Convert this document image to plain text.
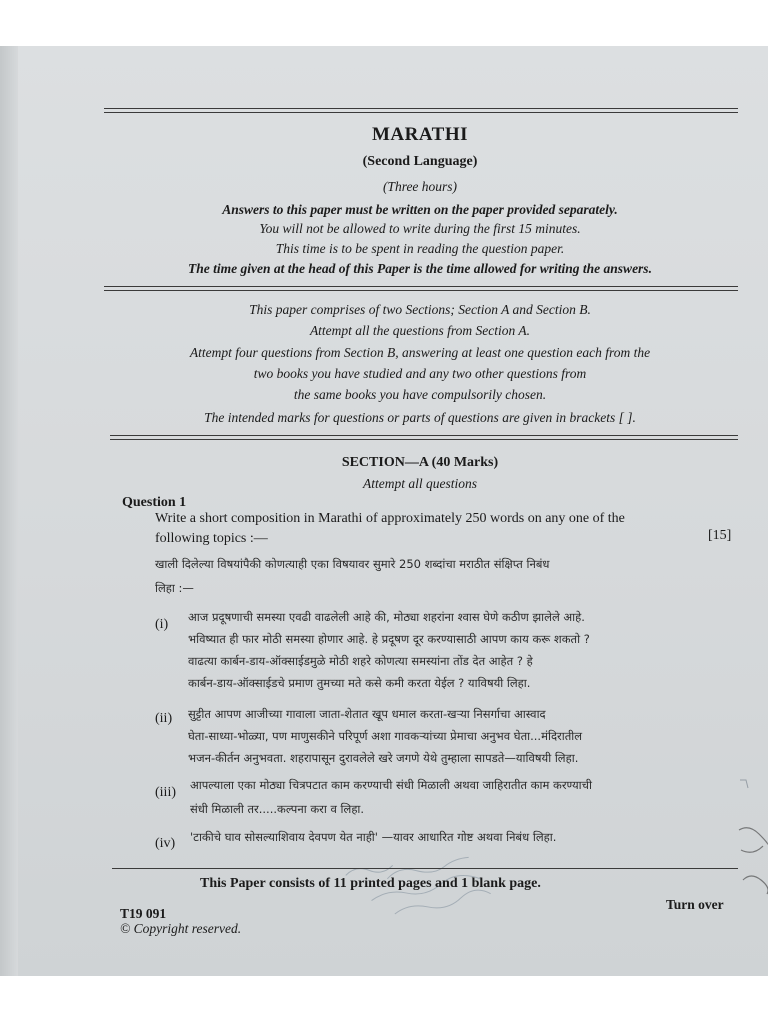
MARATHI
(Second Language)
(Three hours)
Answers to this paper must be written on the paper provided separately.
You will not be allowed to write during the first 15 minutes.
This time is to be spent in reading the question paper.
The time given at the head of this Paper is the time allowed for writing the answers.
This paper comprises of two Sections; Section A and Section B.
Attempt all the questions from Section A.
Attempt four questions from Section B, answering at least one question each from the
two books you have studied and any two other questions from
the same books you have compulsorily chosen.
The intended marks for questions or parts of questions are given in brackets [ ].
SECTION—A (40 Marks)
Attempt all questions
Question 1
Write a short composition in Marathi of approximately 250 words on any one of the
following topics :—	[15]
खाली दिलेल्या विषयांपैकी कोणत्याही एका विषयावर सुमारे 250 शब्दांचा मराठीत संक्षिप्त निबंध
लिहा :—
(i) आज प्रदूषणाची समस्या एवढी वाढलेली आहे की, मोठ्या शहरांना श्वास घेणे कठीण झालेले आहे.
भविष्यात ही फार मोठी समस्या होणार आहे. हे प्रदूषण दूर करण्यासाठी आपण काय करू शकतो ?
वाढत्या कार्बन-डाय-ऑक्साईडमुळे मोठी शहरे कोणत्या समस्यांना तोंड देत आहेत ? हे
कार्बन-डाय-ऑक्साईडचे प्रमाण तुमच्या मते कसे कमी करता येईल ? याविषयी लिहा.
(ii) सुट्टीत आपण आजीच्या गावाला जाता-शेतात खूप धमाल करता-खऱ्या निसर्गाचा आस्वाद
घेता-साध्या-भोळ्या, पण माणुसकीने परिपूर्ण अशा गावकऱ्यांच्या प्रेमाचा अनुभव घेता...मंदिरातील
भजन-कीर्तन अनुभवता. शहरापासून दुरावलेले खरे जगणे येथे तुम्हाला सापडते—याविषयी लिहा.
(iii) आपल्याला एका मोठ्या चित्रपटात काम करण्याची संधी मिळाली अथवा जाहिरातीत काम करण्याची
संधी मिळाली तर.....कल्पना करा व लिहा.
(iv) 'टाकीचे घाव सोसल्याशिवाय देवपण येत नाही' —यावर आधारित गोष्ट अथवा निबंध लिहा.
This Paper consists of 11 printed pages and 1 blank page.
T19 091
Turn over
© Copyright reserved.
